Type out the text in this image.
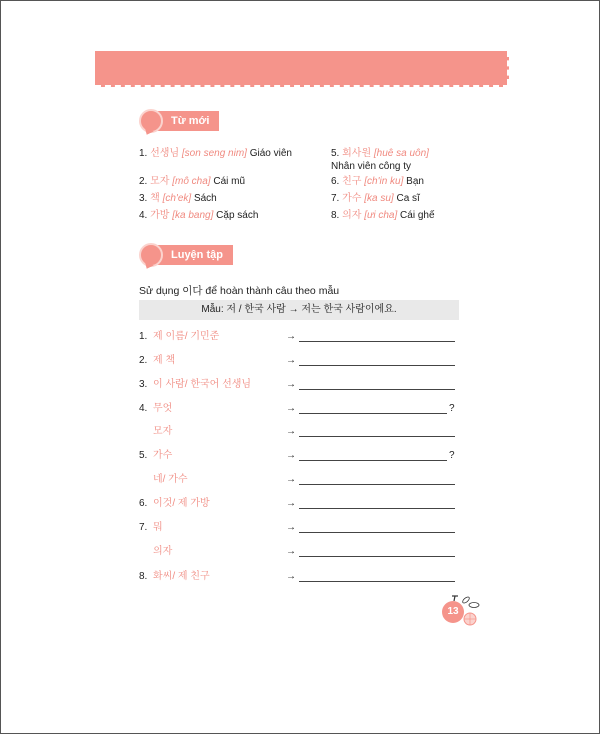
Từ mới
1. 선생님 [son seng nim] Giáo viên
2. 모자 [mô cha] Cái mũ
3. 책 [ch'ek] Sách
4. 가방 [ka bang] Cặp sách
5. 회사원 [huê sa uôn]
Nhân viên công ty
6. 친구 [ch'in ku] Bạn
7. 가수 [ka su] Ca sĩ
8. 의자 [ưi cha] Cái ghế
Luyện tập
Sử dụng 이다 để hoàn thành câu theo mẫu
Mẫu: 저 / 한국 사람 → 저는 한국 사람이에요.
1. 제 이름/ 기민준	→
2. 제 책	→
3. 이 사람/ 한국어 선생님	→
4. 무엇	→	?
모자	→
5. 가수	→	?
네/ 가수	→
6. 이것/ 제 가방	→
7. 뭐	→
의자	→
8. 화씨/ 제 친구	→
13
